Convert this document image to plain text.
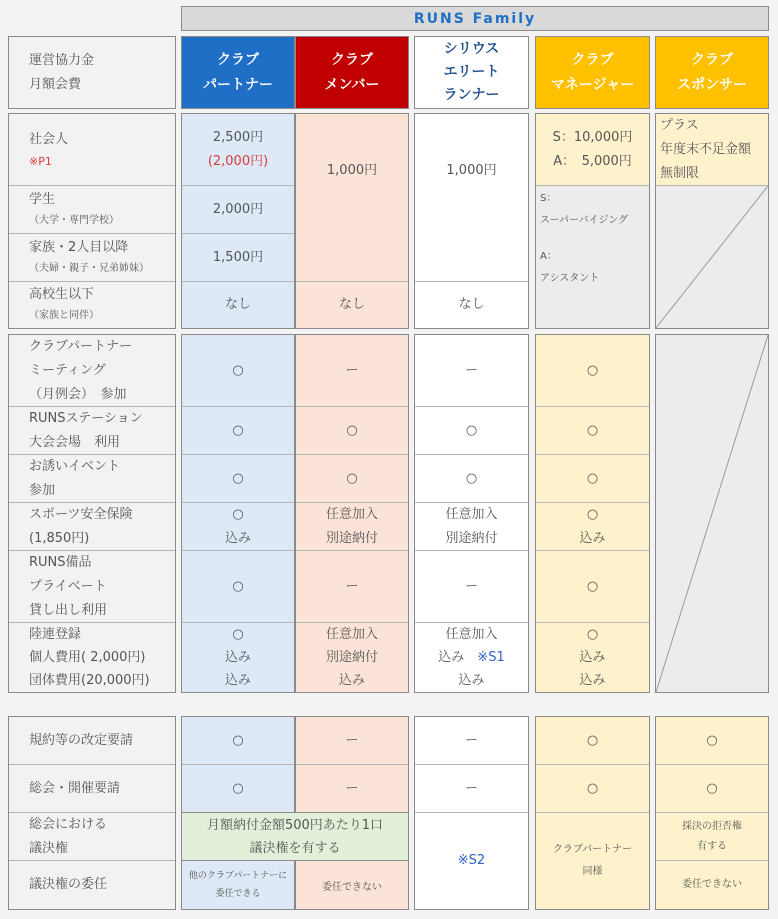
RUNS Family
運営協力金
月額会費
クラブ
パートナー
クラブ
メンバー
シリウス
エリート
ランナー
クラブ
マネージャー
クラブ
スポンサー
社会人
※P1
学生
（大学・専門学校）
家族・2人目以降
（夫婦・親子・兄弟姉妹）
高校生以下
（家族と同伴）
2,500円
(2,000円)
2,000円
1,500円
なし
1,000円
なし
1,000円
なし
S：10,000円
A：　5,000円
S：
スーパーバイジング
A：
アシスタント
プラス
年度末不足金額
無制限
クラブパートナー
ミーティング
（月例会）　参加
RUNSステーション
大会会場　利用
お誘いイベント
参加
スポーツ安全保険
(1,850円)
RUNS備品
プライベート
貸し出し利用
陸連登録
個人費用( 2,000円)
団体費用(20,000円)
○
○
○
○
込み
○
○
込み
込み
ー
○
○
任意加入
別途納付
ー
任意加入
別途納付
込み
ー
○
○
任意加入
別途納付
ー
任意加入
込み　 ※S1
込み
○
○
○
○
込み
○
○
込み
込み
規約等の改定要請
総会・開催要請
総会における
議決権
議決権の委任
○
○
ー
ー
月額納付金額500円あたり1口
議決権を有する
他のクラブパートナーに
委任できる
委任できない
ー
ー
※S2
○
○
クラブパートナー
同様
○
○
採決の拒否権
有する
委任できない
